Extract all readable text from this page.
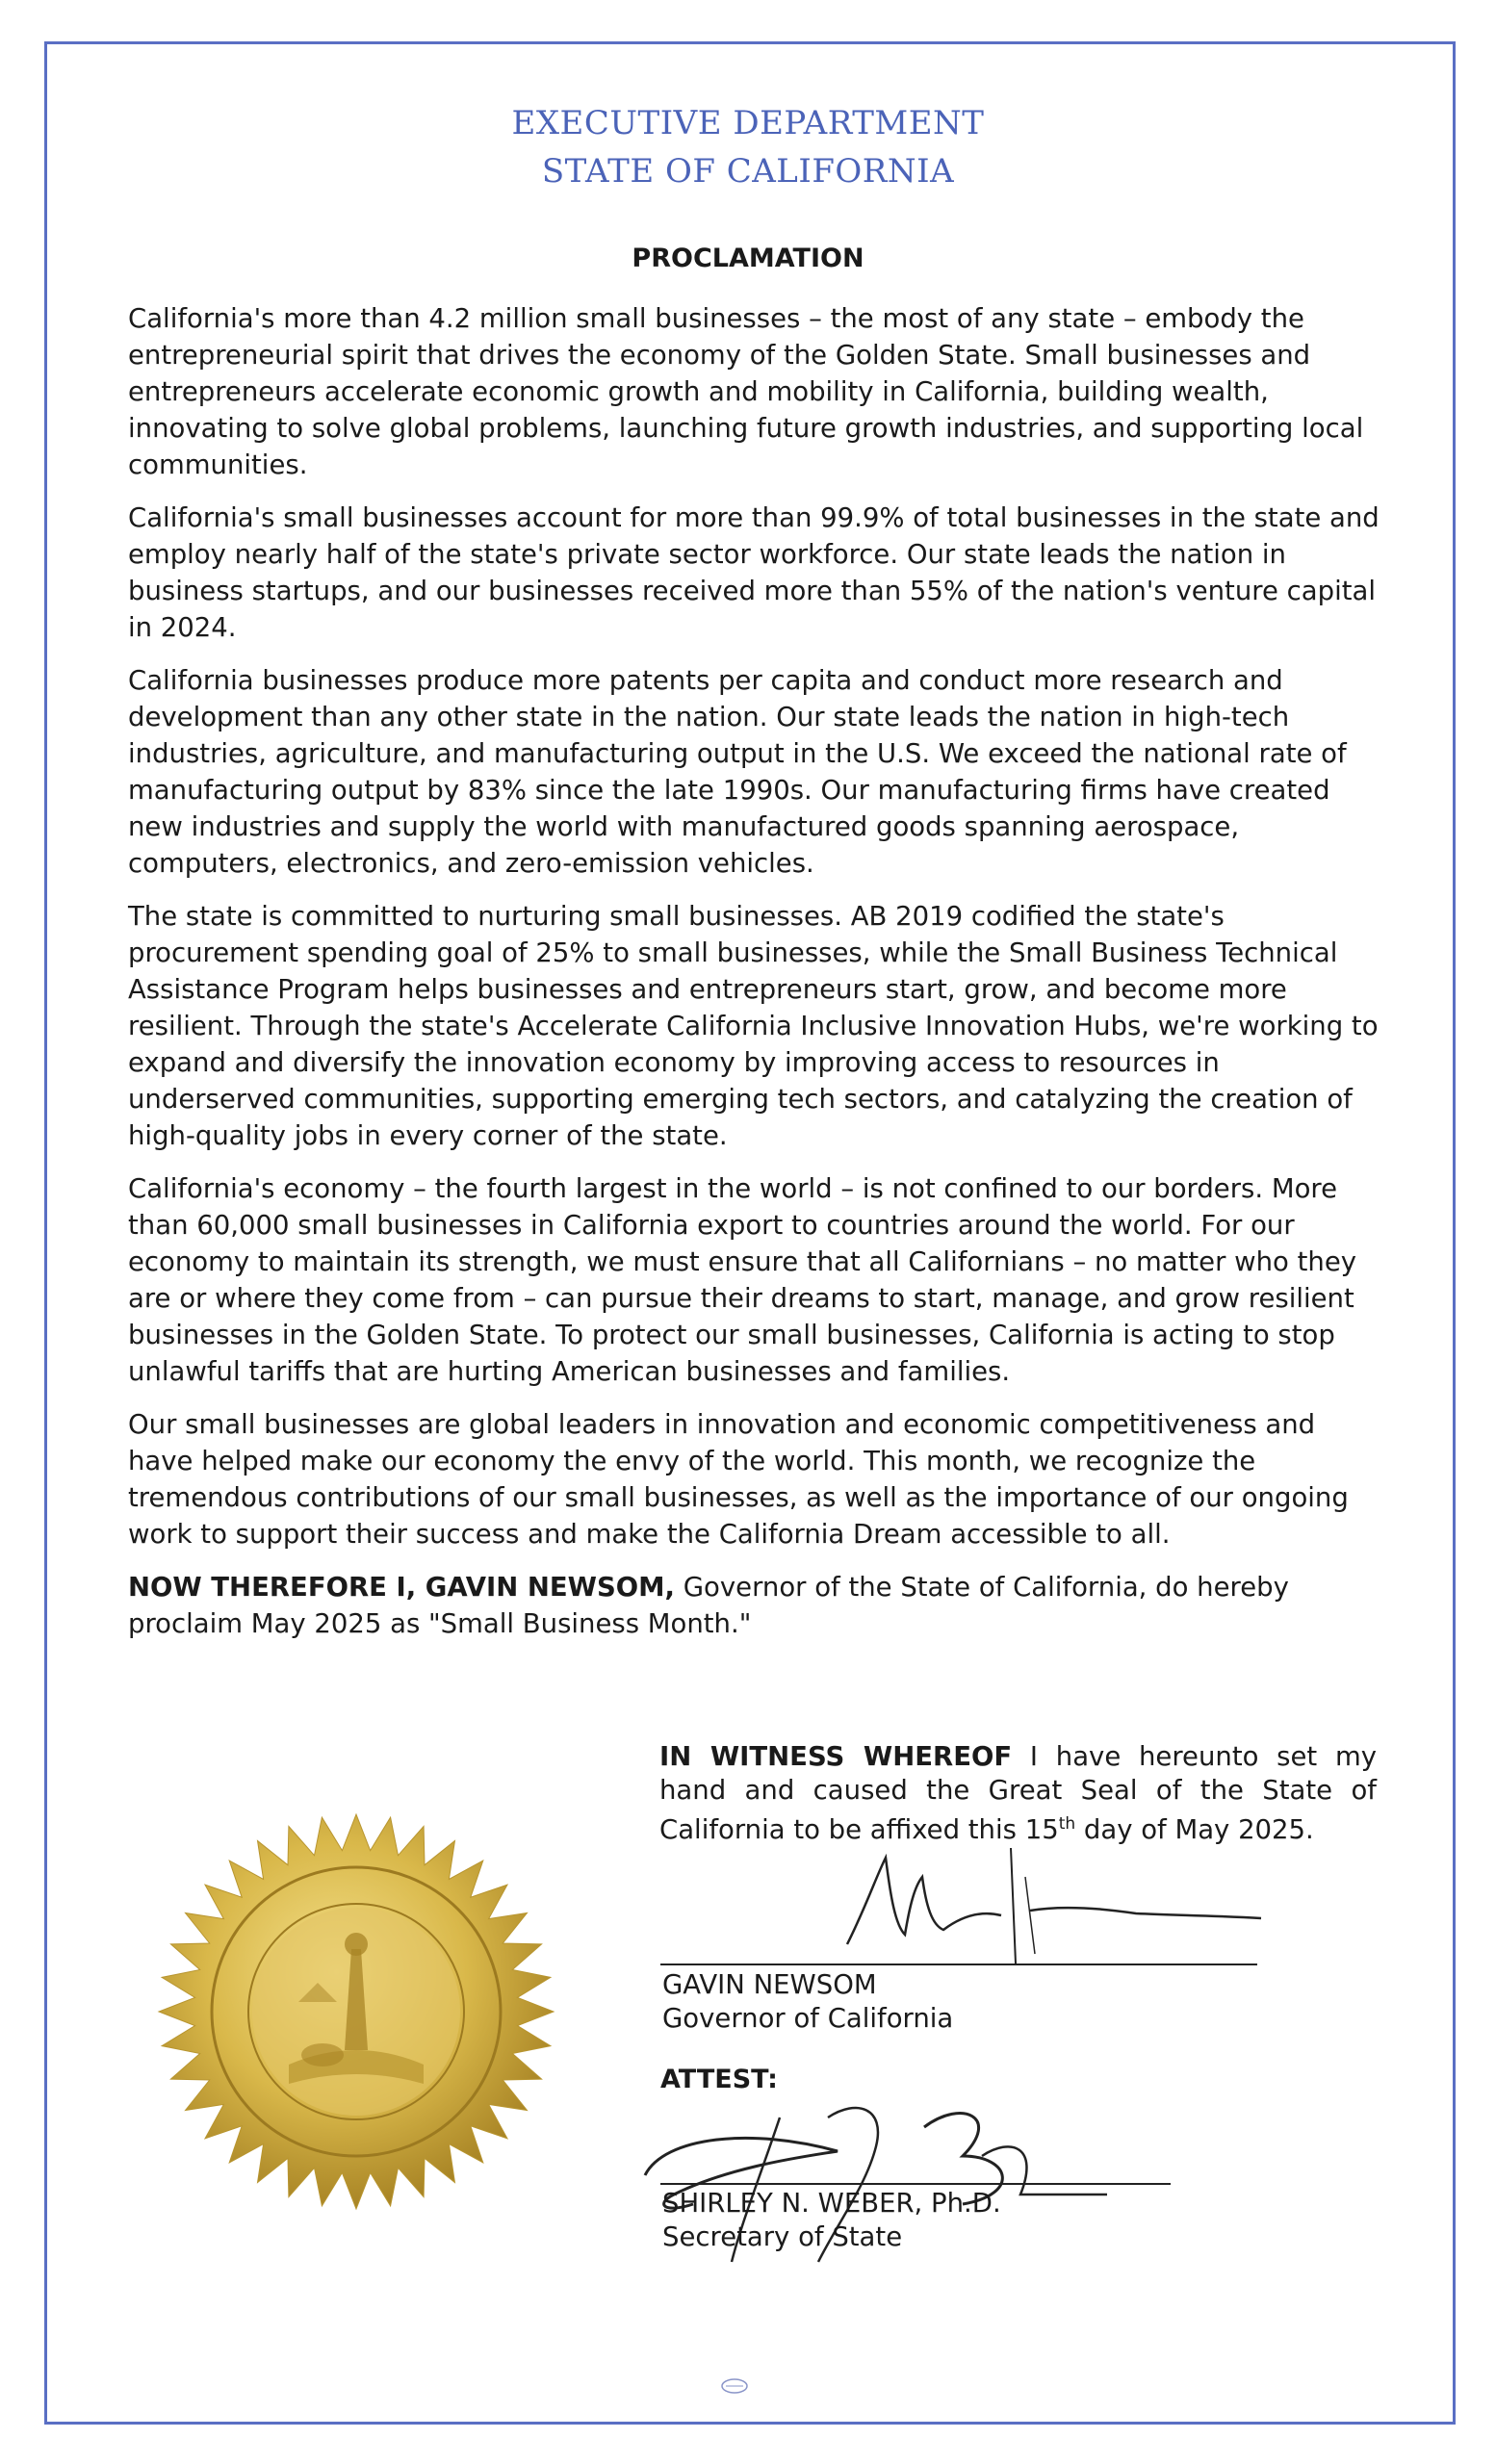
EXECUTIVE DEPARTMENT
STATE OF CALIFORNIA
PROCLAMATION

California's more than 4.2 million small businesses – the most of any state – embody the entrepreneurial spirit that drives the economy of the Golden State. Small businesses and entrepreneurs accelerate economic growth and mobility in California, building wealth, innovating to solve global problems, launching future growth industries, and supporting local communities.

California's small businesses account for more than 99.9% of total businesses in the state and employ nearly half of the state's private sector workforce. Our state leads the nation in business startups, and our businesses received more than 55% of the nation's venture capital in 2024.

California businesses produce more patents per capita and conduct more research and development than any other state in the nation. Our state leads the nation in high-tech industries, agriculture, and manufacturing output in the U.S. We exceed the national rate of manufacturing output by 83% since the late 1990s. Our manufacturing firms have created new industries and supply the world with manufactured goods spanning aerospace, computers, electronics, and zero-emission vehicles.

The state is committed to nurturing small businesses. AB 2019 codified the state's procurement spending goal of 25% to small businesses, while the Small Business Technical Assistance Program helps businesses and entrepreneurs start, grow, and become more resilient. Through the state's Accelerate California Inclusive Innovation Hubs, we're working to expand and diversify the innovation economy by improving access to resources in underserved communities, supporting emerging tech sectors, and catalyzing the creation of high-quality jobs in every corner of the state.

California's economy – the fourth largest in the world – is not confined to our borders. More than 60,000 small businesses in California export to countries around the world. For our economy to maintain its strength, we must ensure that all Californians – no matter who they are or where they come from – can pursue their dreams to start, manage, and grow resilient businesses in the Golden State. To protect our small businesses, California is acting to stop unlawful tariffs that are hurting American businesses and families.

Our small businesses are global leaders in innovation and economic competitiveness and have helped make our economy the envy of the world. This month, we recognize the tremendous contributions of our small businesses, as well as the importance of our ongoing work to support their success and make the California Dream accessible to all.

NOW THEREFORE I, GAVIN NEWSOM, Governor of the State of California, do hereby proclaim May 2025 as "Small Business Month."

IN WITNESS WHEREOF I have hereunto set my hand and caused the Great Seal of the State of California to be affixed this 15th day of May 2025.
GAVIN NEWSOM
Governor of California
ATTEST:
SHIRLEY N. WEBER, Ph.D.
Secretary of State
